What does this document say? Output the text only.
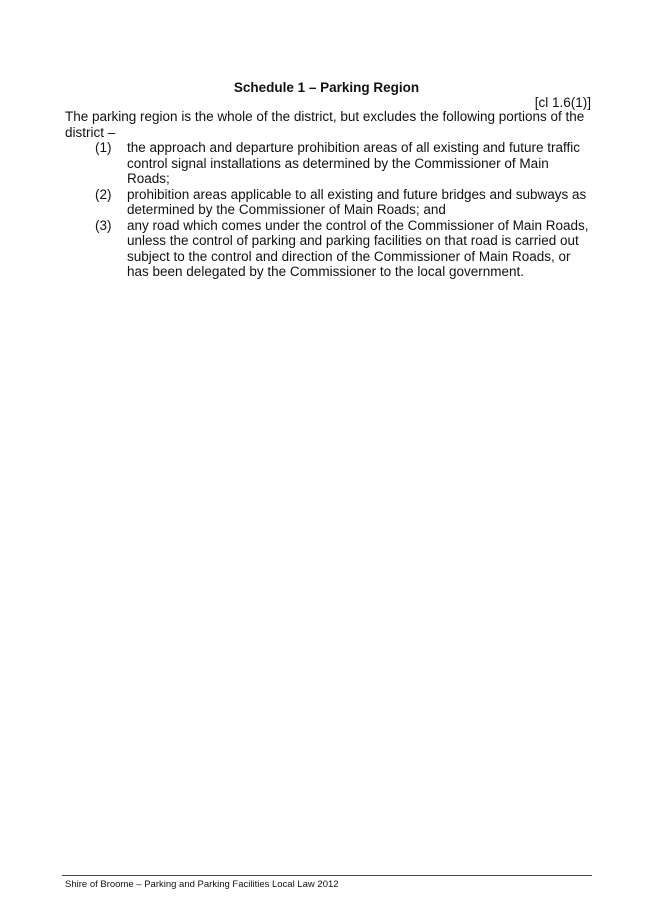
Schedule 1 – Parking Region
[cl 1.6(1)]
The parking region is the whole of the district, but excludes the following portions of the district –
(1)	the approach and departure prohibition areas of all existing and future traffic control signal installations as determined by the Commissioner of Main Roads;
(2)	prohibition areas applicable to all existing and future bridges and subways as determined by the Commissioner of Main Roads; and
(3)	any road which comes under the control of the Commissioner of Main Roads, unless the control of parking and parking facilities on that road is carried out subject to the control and direction of the Commissioner of Main Roads, or has been delegated by the Commissioner to the local government.
Shire of Broome – Parking and Parking Facilities Local Law 2012
